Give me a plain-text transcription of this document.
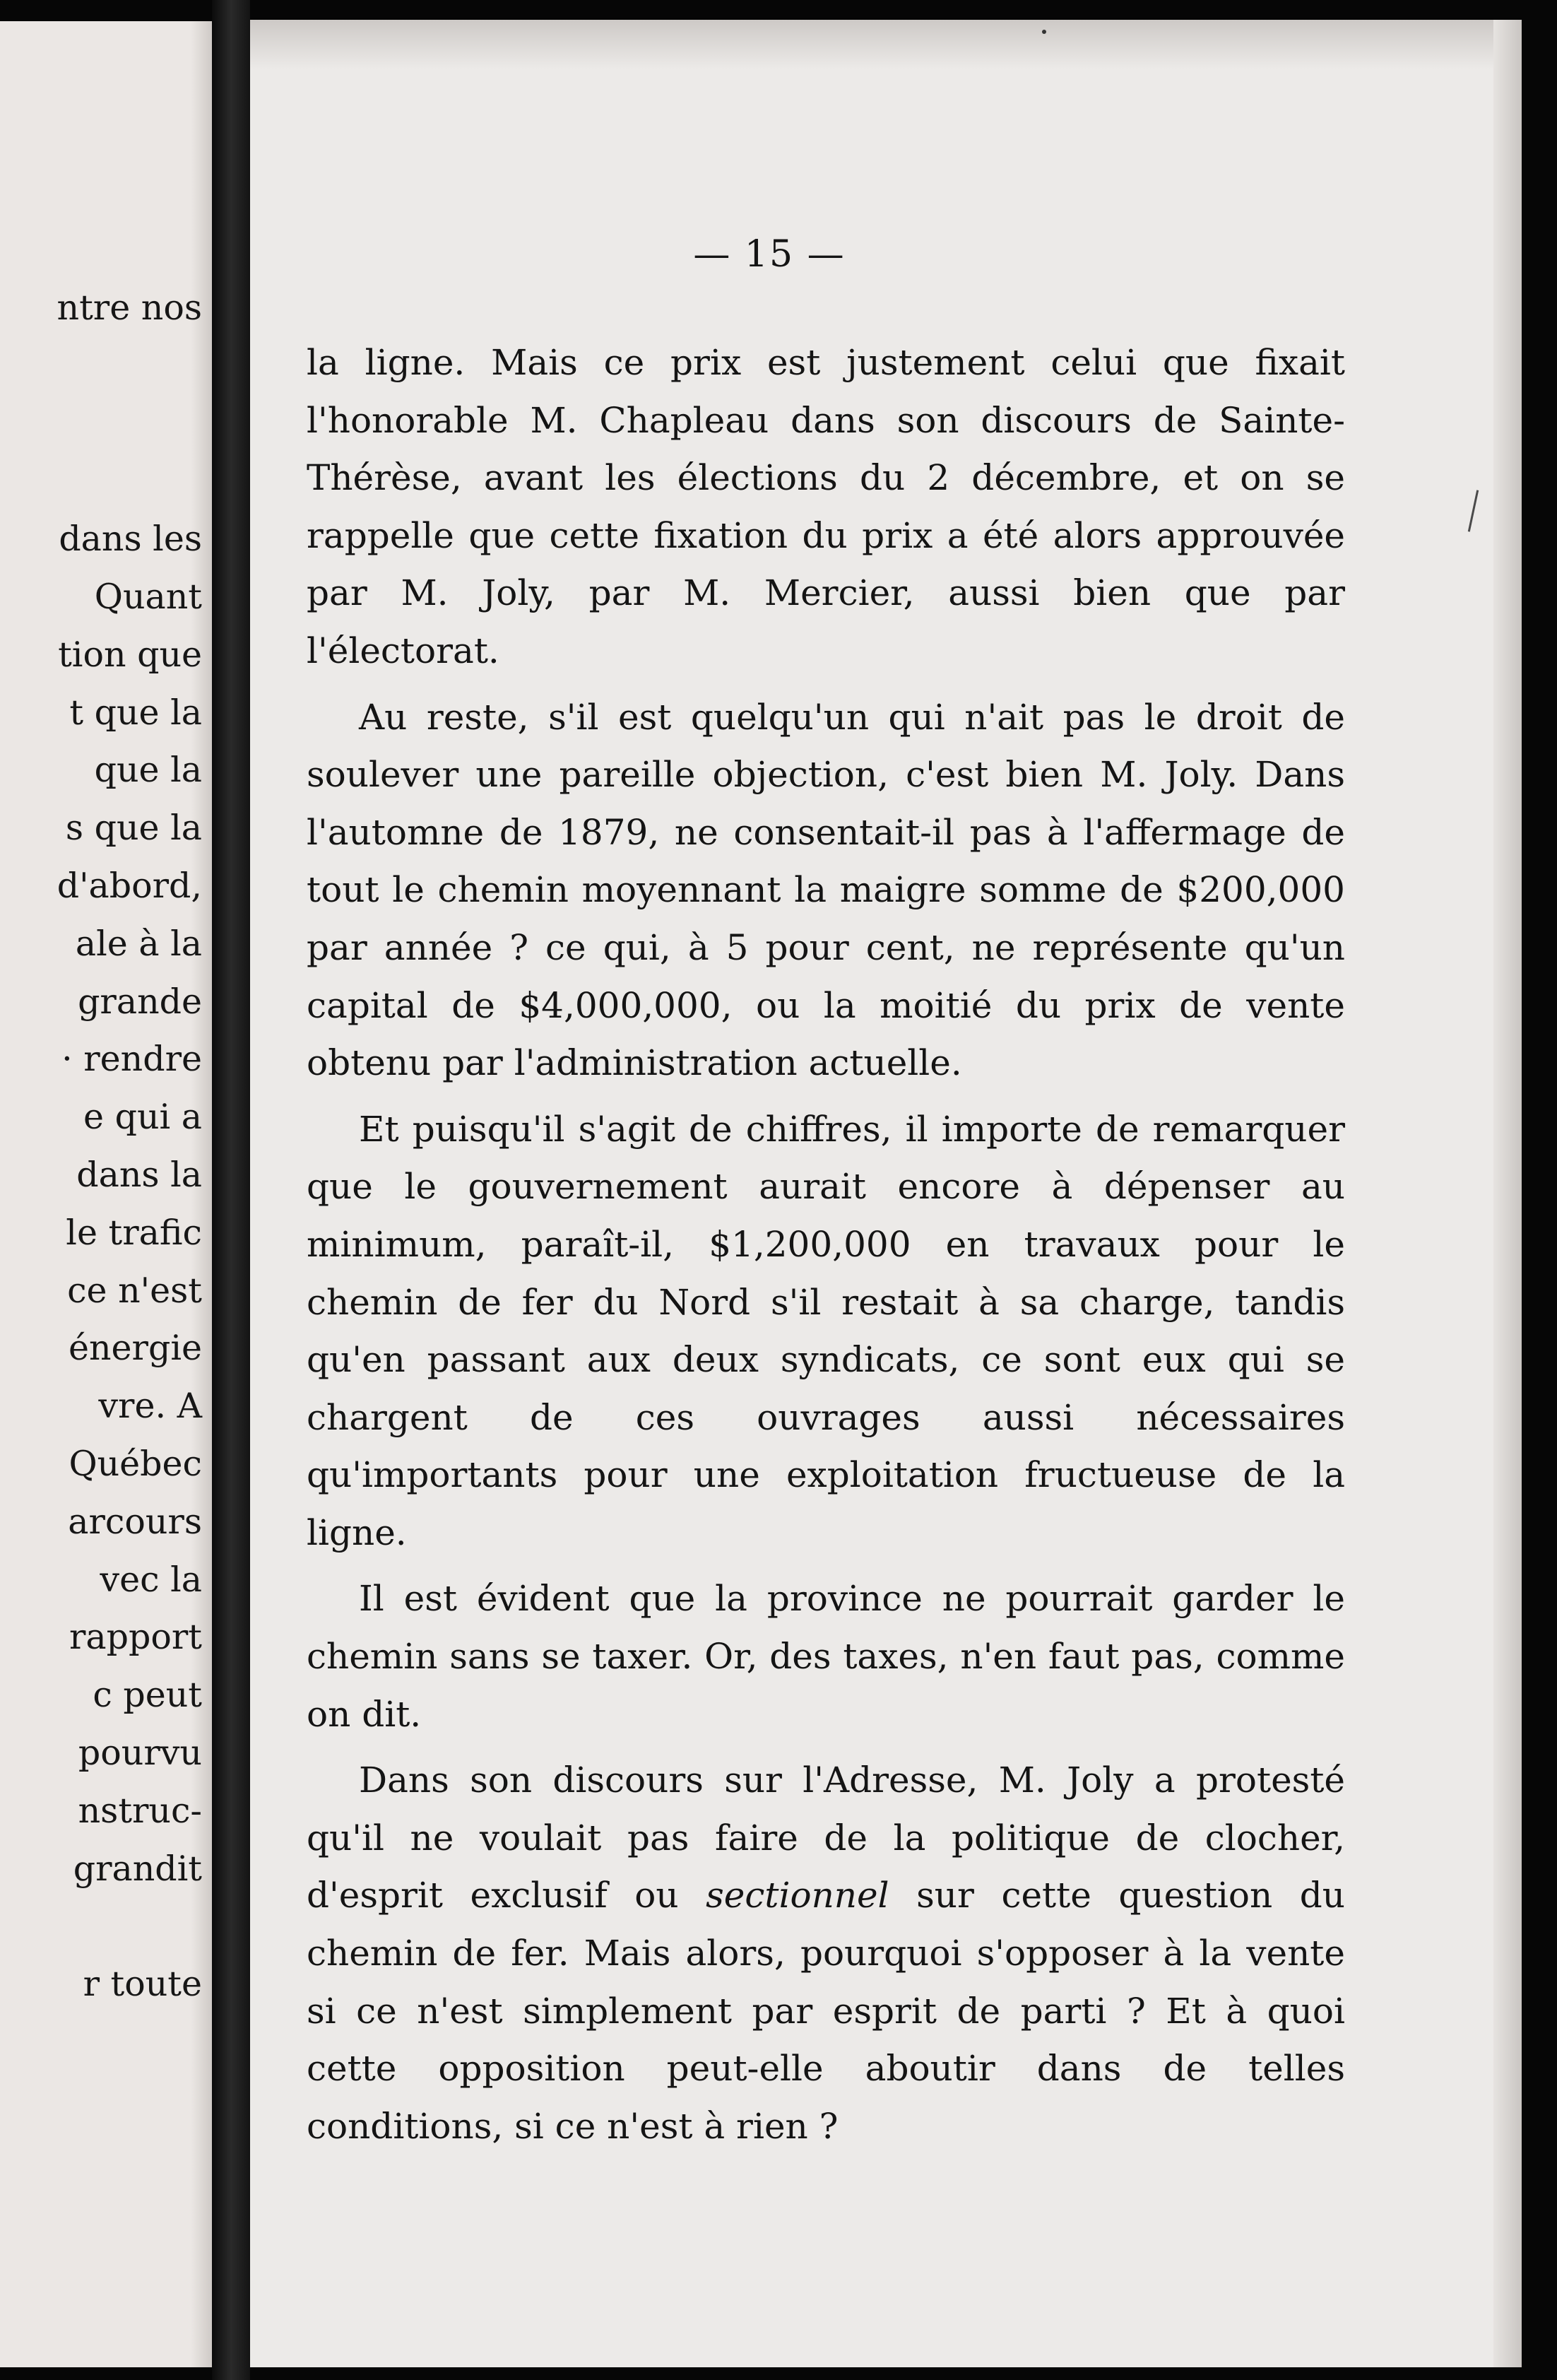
ntre nos
dans les
Quant
tion que
t que la
que la
s que la
d'abord,
ale à la
grande
· rendre
e qui a
dans la
le trafic
ce n'est
énergie
vre. A
Québec
arcours
vec la
rapport
c peut
pourvu
nstruc-
grandit
r toute
— 15 —

la ligne. Mais ce prix est justement celui que fixait l'honorable M. Chapleau dans son discours de Sainte-Thérèse, avant les élections du 2 décembre, et on se rappelle que cette fixation du prix a été alors approuvée par M. Joly, par M. Mercier, aussi bien que par l'électorat.

Au reste, s'il est quelqu'un qui n'ait pas le droit de soulever une pareille objection, c'est bien M. Joly. Dans l'automne de 1879, ne consentait-il pas à l'affermage de tout le chemin moyennant la maigre somme de $200,000 par année ? ce qui, à 5 pour cent, ne représente qu'un capital de $4,000,000, ou la moitié du prix de vente obtenu par l'administration actuelle.

Et puisqu'il s'agit de chiffres, il importe de remarquer que le gouvernement aurait encore à dépenser au minimum, paraît-il, $1,200,000 en travaux pour le chemin de fer du Nord s'il restait à sa charge, tandis qu'en passant aux deux syndicats, ce sont eux qui se chargent de ces ouvrages aussi nécessaires qu'importants pour une exploitation fructueuse de la ligne.

Il est évident que la province ne pourrait garder le chemin sans se taxer. Or, des taxes, n'en faut pas, comme on dit.

Dans son discours sur l'Adresse, M. Joly a protesté qu'il ne voulait pas faire de la politique de clocher, d'esprit exclusif ou sectionnel sur cette question du chemin de fer. Mais alors, pourquoi s'opposer à la vente si ce n'est simplement par esprit de parti ? Et à quoi cette opposition peut-elle aboutir dans de telles conditions, si ce n'est à rien ?
